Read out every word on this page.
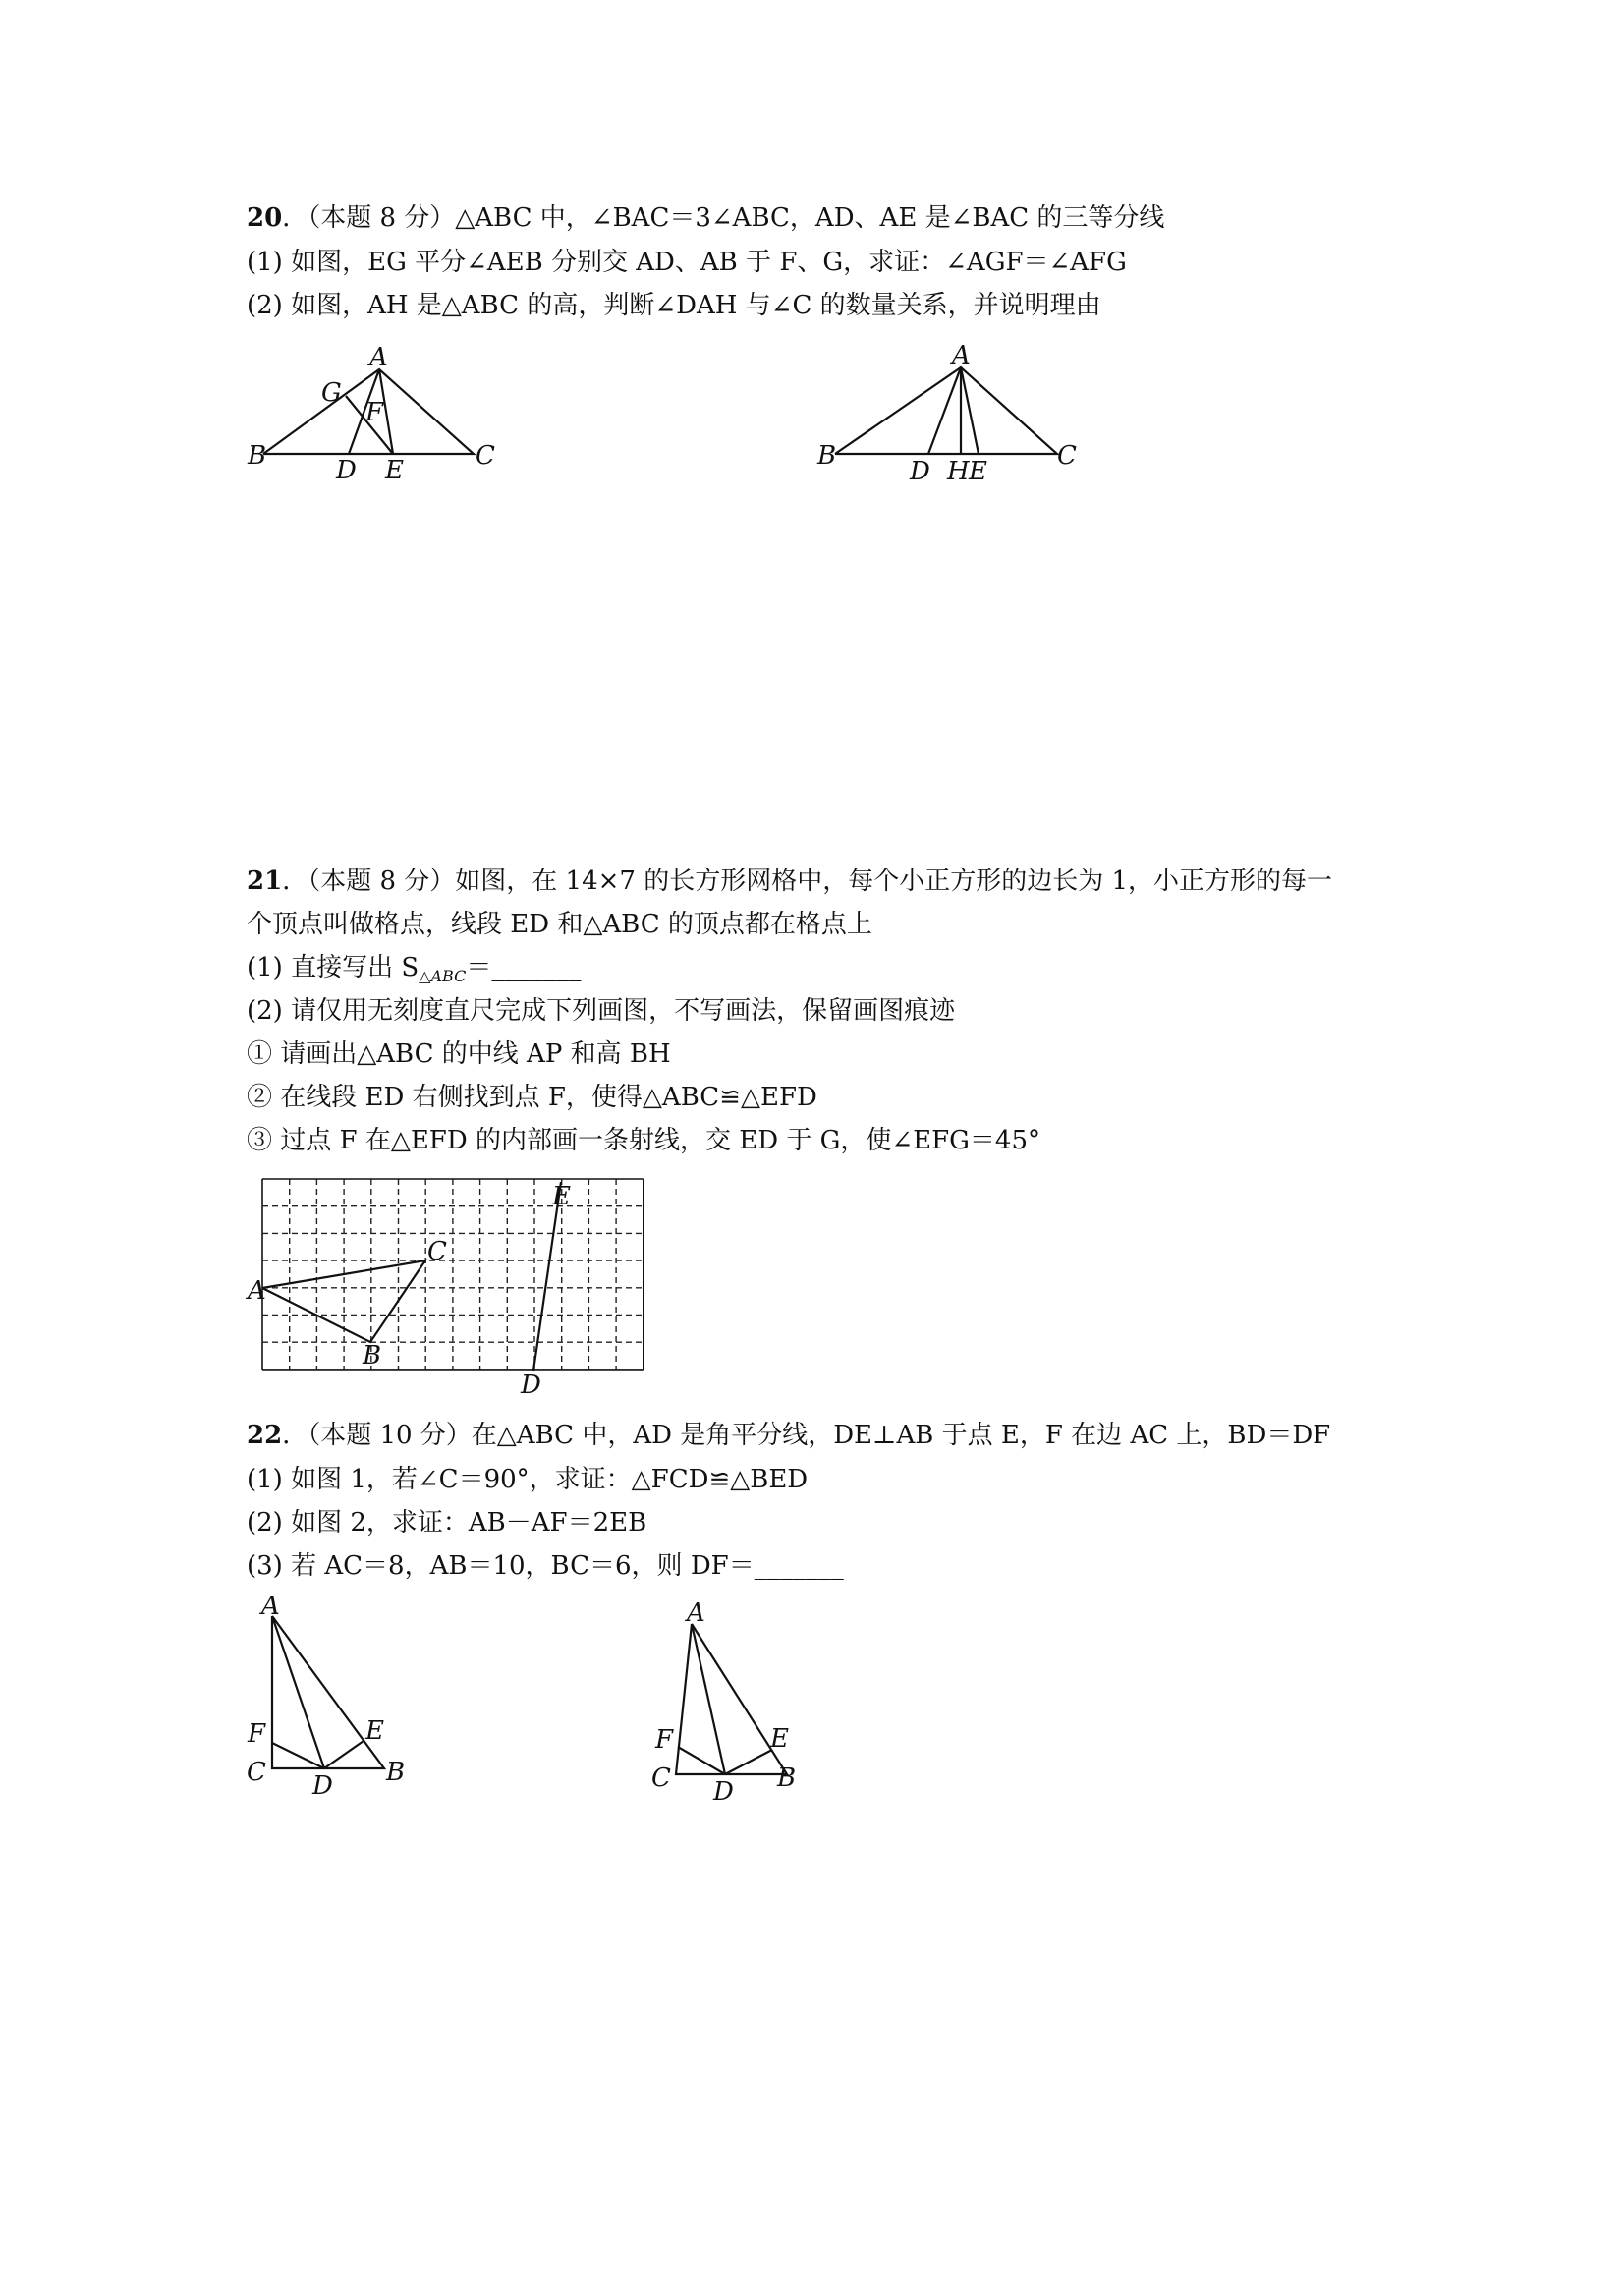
20．（本题 8 分）△ABC 中，∠BAC＝3∠ABC，AD、AE 是∠BAC 的三等分线
(1) 如图，EG 平分∠AEB 分别交 AD、AB 于 F、G，求证：∠AGF＝∠AFG
(2) 如图，AH 是△ABC 的高，判断∠DAH 与∠C 的数量关系，并说明理由
A
G
F
B	D E	C
A
B
D H E
C
21．（本题 8 分）如图，在 14×7 的长方形网格中，每个小正方形的边长为 1，小正方形的每一
个顶点叫做格点，线段 ED 和△ABC 的顶点都在格点上
(1) 直接写出 $S_{\triangle ABC}=\_\_\_\_\_\_\_$
(2) 请仅用无刻度直尺完成下列画图，不写画法，保留画图痕迹
① 请画出△ABC 的中线 AP 和高 BH
② 在线段 ED 右侧找到点 F，使得△ABC≌△EFD
③ 过点 F 在△EFD 的内部画一条射线，交 ED 于 G，使∠EFG＝45°
E
C
A
B
D
22．（本题 10 分）在△ABC 中，AD 是角平分线，DE⊥AB 于点 E，F 在边 AC 上，BD＝DF
(1) 如图 1，若∠C＝90°，求证：△FCD≌△BED
(2) 如图 2，求证：AB－AF＝2EB
(3) 若 AC＝8，AB＝10，BC＝6，则 DF＝_______
A
F
C D
E
B
A
F
C D
E
B
